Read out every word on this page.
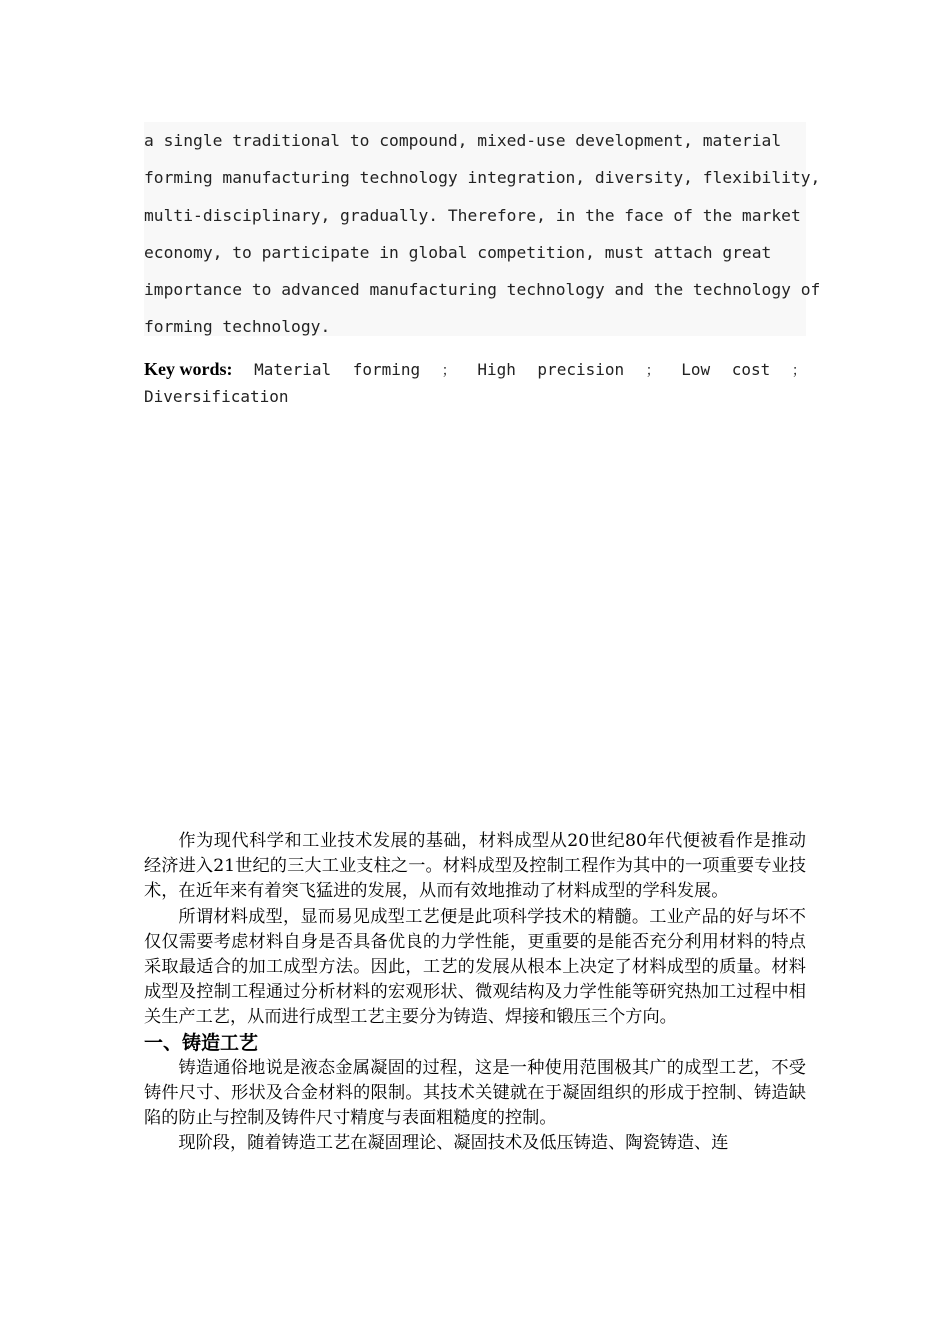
a single traditional to compound, mixed-use development, material
forming manufacturing technology integration, diversity, flexibility,
multi-disciplinary, gradually. Therefore, in the face of the market
economy, to participate in global competition, must attach great
importance to advanced manufacturing technology and the technology of
forming technology.
Key words: Material forming ； High precision ； Low cost ；
Diversification

作为现代科学和工业技术发展的基础，材料成型从20世纪80年代便被看作是推动经济进入21世纪的三大工业支柱之一。材料成型及控制工程作为其中的一项重要专业技术，在近年来有着突飞猛进的发展，从而有效地推动了材料成型的学科发展。

所谓材料成型，显而易见成型工艺便是此项科学技术的精髓。工业产品的好与坏不仅仅需要考虑材料自身是否具备优良的力学性能，更重要的是能否充分利用材料的特点采取最适合的加工成型方法。因此，工艺的发展从根本上决定了材料成型的质量。材料成型及控制工程通过分析材料的宏观形状、微观结构及力学性能等研究热加工过程中相关生产工艺，从而进行成型工艺主要分为铸造、焊接和锻压三个方向。

一、铸造工艺

铸造通俗地说是液态金属凝固的过程，这是一种使用范围极其广的成型工艺，不受铸件尺寸、形状及合金材料的限制。其技术关键就在于凝固组织的形成于控制、铸造缺陷的防止与控制及铸件尺寸精度与表面粗糙度的控制。

现阶段，随着铸造工艺在凝固理论、凝固技术及低压铸造、陶瓷铸造、连
